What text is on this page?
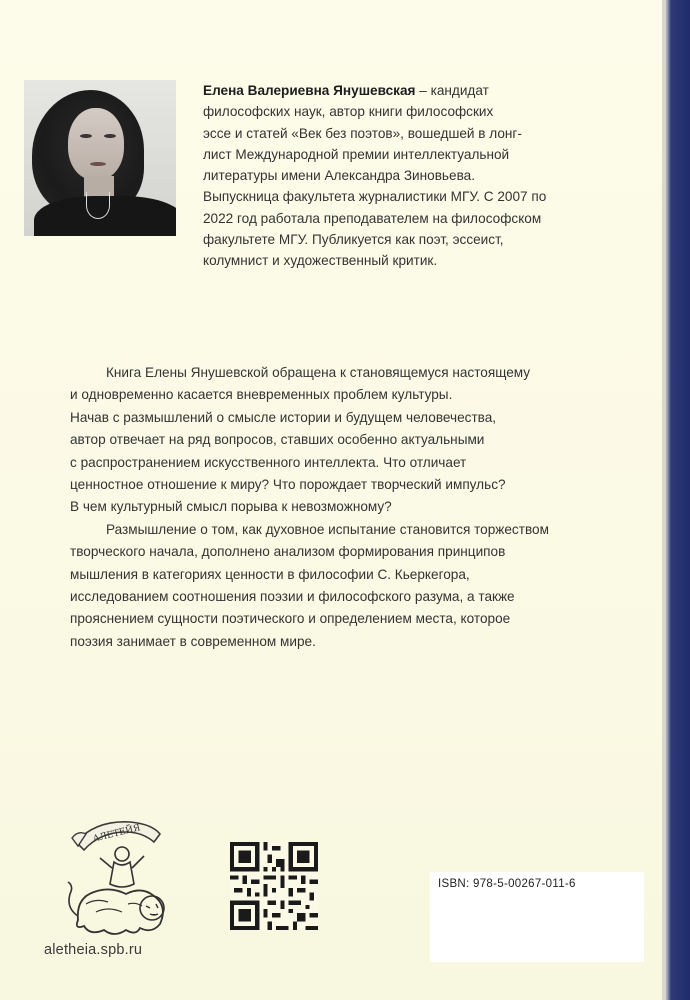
Елена Валериевна Янушевская – кандидат
философских наук, автор книги философских
эссе и статей «Век без поэтов», вошедшей в лонг-
лист Международной премии интеллектуальной
литературы имени Александра Зиновьева.
Выпускница факультета журналистики МГУ. С 2007 по
2022 год работала преподавателем на философском
факультете МГУ. Публикуется как поэт, эссеист,
колумнист и художественный критик.
Книга Елены Янушевской обращена к становящемуся настоящему
и одновременно касается вневременных проблем культуры.
Начав с размышлений о смысле истории и будущем человечества,
автор отвечает на ряд вопросов, ставших особенно актуальными
с распространением искусственного интеллекта. Что отличает
ценностное отношение к миру? Что порождает творческий импульс?
В чем культурный смысл порыва к невозможному?
Размышление о том, как духовное испытание становится торжеством
творческого начала, дополнено анализом формирования принципов
мышления в категориях ценности в философии С. Кьеркегора,
исследованием соотношения поэзии и философского разума, а также
прояснением сущности поэтического и определением места, которое
поэзия занимает в современном мире.
АЛЕТЕЙЯ
aletheia.spb.ru
ISBN: 978-5-00267-011-6
